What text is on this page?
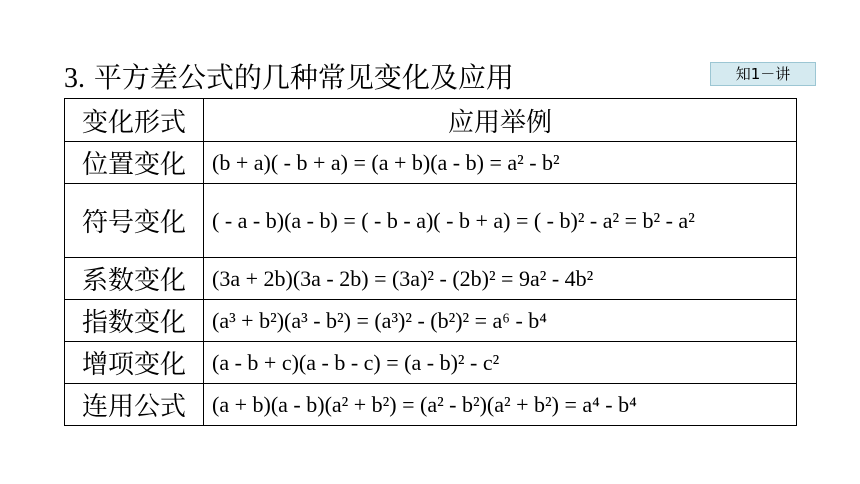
3. 平方差公式的几种常见变化及应用	知1－讲
变化形式	应用举例
位置变化	(b + a)( - b + a) = (a + b)(a - b) = a² - b²
符号变化	( - a - b)(a - b) = ( - b - a)( - b + a) = ( - b)² - a² = b² - a²
系数变化	(3a + 2b)(3a - 2b) = (3a)² - (2b)² = 9a² - 4b²
指数变化	(a³ + b²)(a³ - b²) = (a³)² - (b²)² = a⁶ - b⁴
增项变化	(a - b + c)(a - b - c) = (a - b)² - c²
连用公式	(a + b)(a - b)(a² + b²) = (a² - b²)(a² + b²) = a⁴ - b⁴
